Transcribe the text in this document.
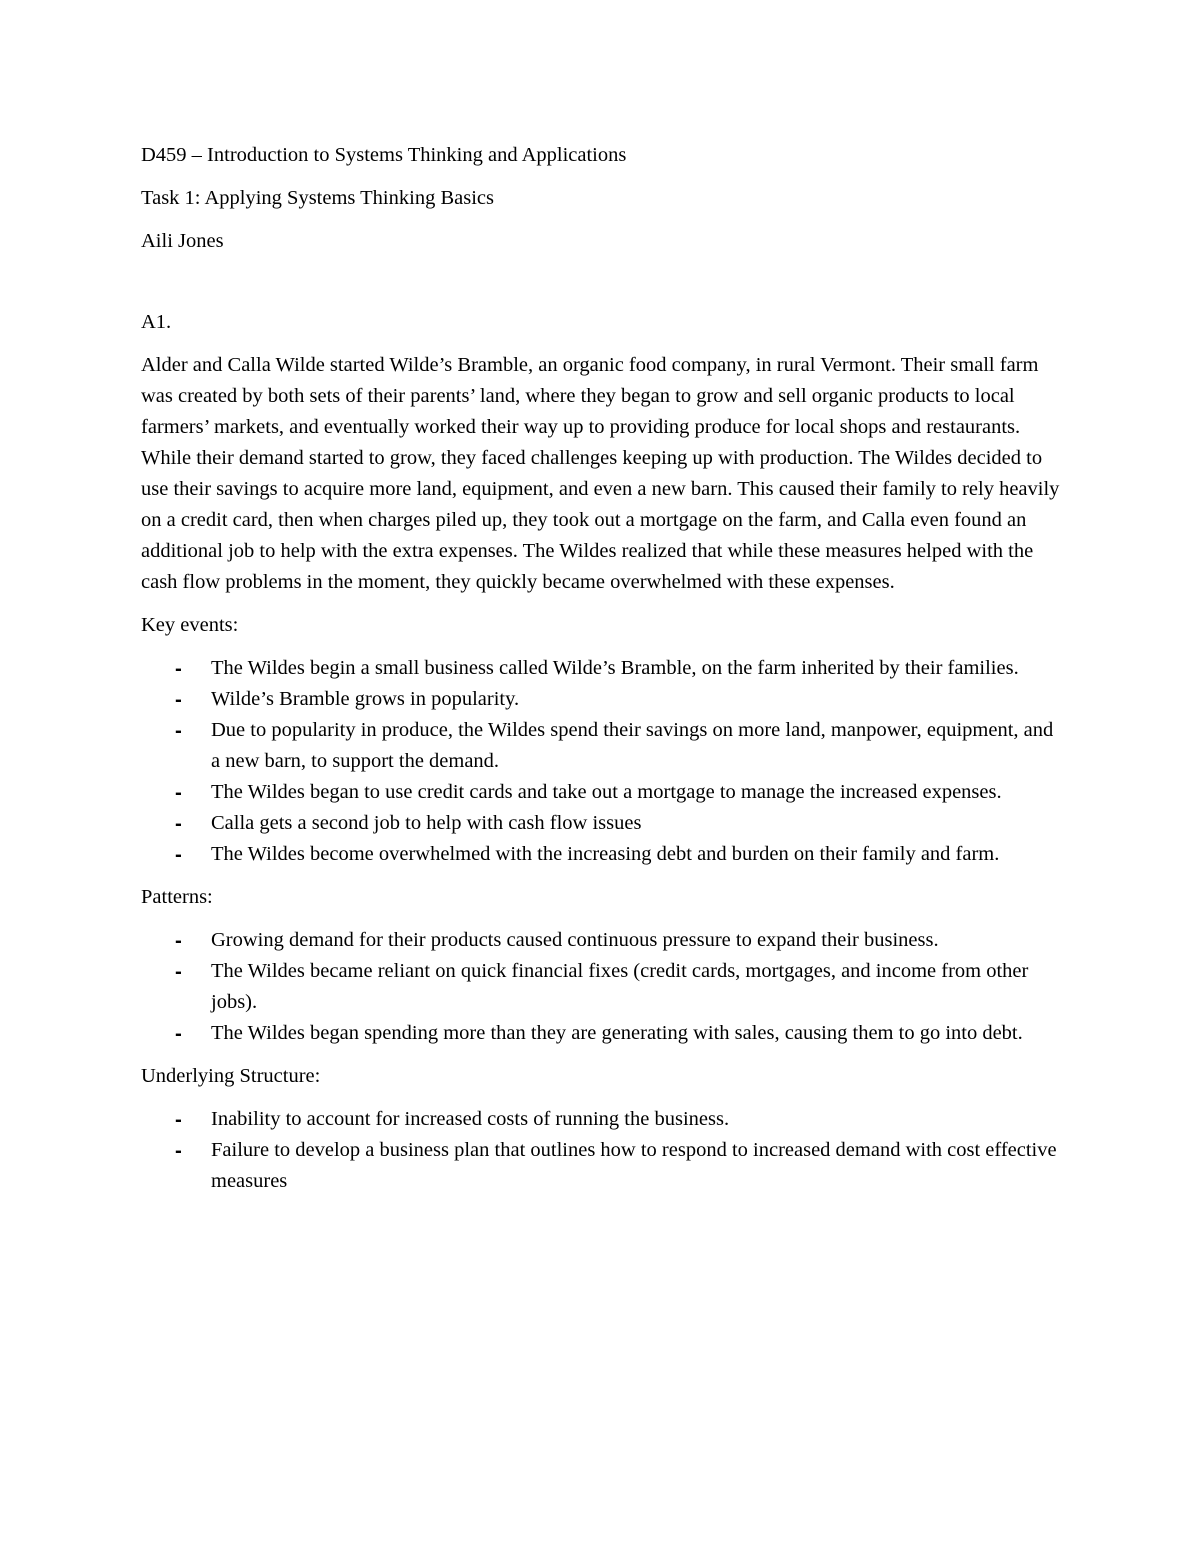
D459 – Introduction to Systems Thinking and Applications
Task 1: Applying Systems Thinking Basics
Aili Jones
A1.
Alder and Calla Wilde started Wilde’s Bramble, an organic food company, in rural Vermont. Their small farm was created by both sets of their parents’ land, where they began to grow and sell organic products to local farmers’ markets, and eventually worked their way up to providing produce for local shops and restaurants. While their demand started to grow, they faced challenges keeping up with production. The Wildes decided to use their savings to acquire more land, equipment, and even a new barn. This caused their family to rely heavily on a credit card, then when charges piled up, they took out a mortgage on the farm, and Calla even found an additional job to help with the extra expenses. The Wildes realized that while these measures helped with the cash flow problems in the moment, they quickly became overwhelmed with these expenses.
Key events:
- The Wildes begin a small business called Wilde’s Bramble, on the farm inherited by their families.
- Wilde’s Bramble grows in popularity.
- Due to popularity in produce, the Wildes spend their savings on more land, manpower, equipment, and a new barn, to support the demand.
- The Wildes began to use credit cards and take out a mortgage to manage the increased expenses.
- Calla gets a second job to help with cash flow issues
- The Wildes become overwhelmed with the increasing debt and burden on their family and farm.
Patterns:
- Growing demand for their products caused continuous pressure to expand their business.
- The Wildes became reliant on quick financial fixes (credit cards, mortgages, and income from other jobs).
- The Wildes began spending more than they are generating with sales, causing them to go into debt.
Underlying Structure:
- Inability to account for increased costs of running the business.
- Failure to develop a business plan that outlines how to respond to increased demand with cost effective measures
